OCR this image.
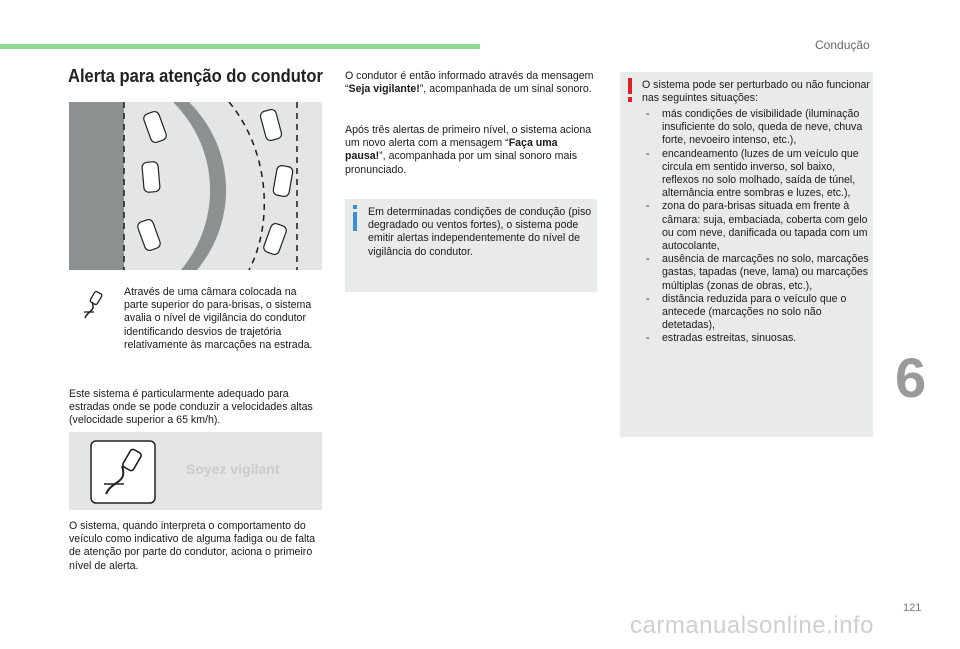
Condução
Alerta para atenção do condutor

Através de uma câmara colocada na parte superior do para-brisas, o sistema avalia o nível de vigilância do condutor identificando desvios de trajetória relativamente às marcações na estrada.

Este sistema é particularmente adequado para estradas onde se pode conduzir a velocidades altas (velocidade superior a 65 km/h).

Soyez vigilant

O sistema, quando interpreta o comportamento do veículo como indicativo de alguma fadiga ou de falta de atenção por parte do condutor, aciona o primeiro nível de alerta.

O condutor é então informado através da mensagem “Seja vigilante!”, acompanhada de um sinal sonoro.

Após três alertas de primeiro nível, o sistema aciona um novo alerta com a mensagem “Faça uma pausa!”, acompanhada por um sinal sonoro mais pronunciado.

Em determinadas condições de condução (piso degradado ou ventos fortes), o sistema pode emitir alertas independentemente do nível de vigilância do condutor.

O sistema pode ser perturbado ou não funcionar nas seguintes situações:

- más condições de visibilidade (iluminação insuficiente do solo, queda de neve, chuva forte, nevoeiro intenso, etc.),
- encandeamento (luzes de um veículo que circula em sentido inverso, sol baixo, reflexos no solo molhado, saída de túnel, alternância entre sombras e luzes, etc.),
- zona do para-brisas situada em frente à câmara: suja, embaciada, coberta com gelo ou com neve, danificada ou tapada com um autocolante,
- ausência de marcações no solo, marcações gastas, tapadas (neve, lama) ou marcações múltiplas (zonas de obras, etc.),
- distância reduzida para o veículo que o antecede (marcações no solo não detetadas),
- estradas estreitas, sinuosas.
6
121
carmanualsonline.info
